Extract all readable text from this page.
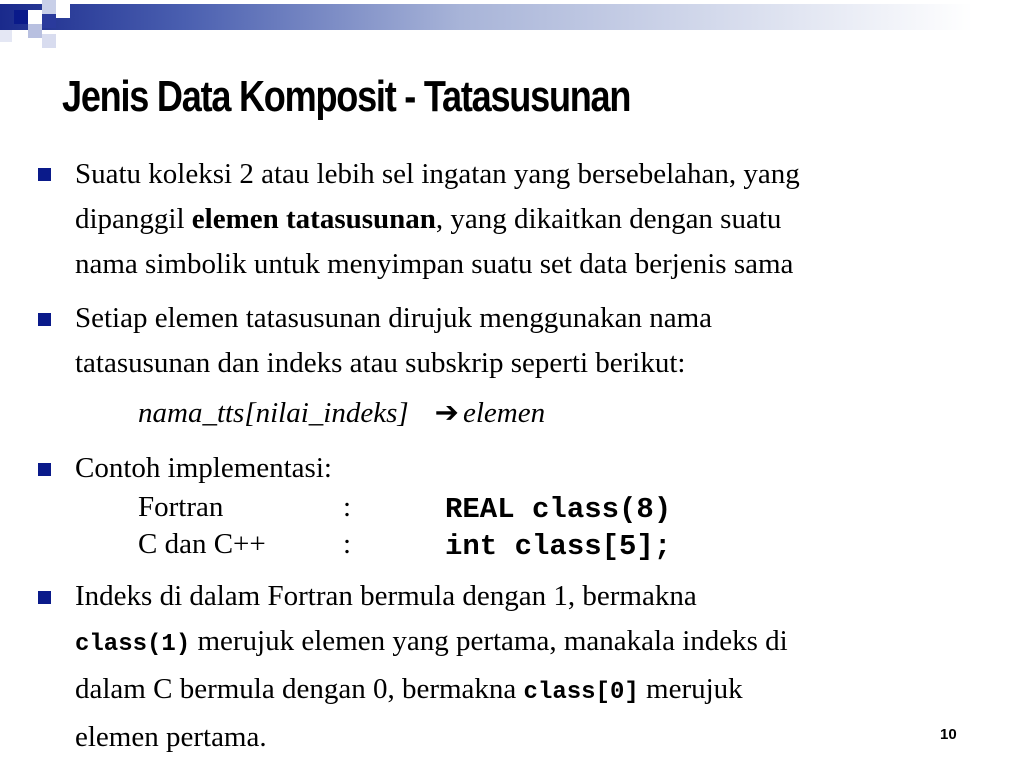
Jenis Data Komposit - Tatasusunan

Suatu koleksi 2 atau lebih sel ingatan yang bersebelahan, yang
dipanggil elemen tatasusunan, yang dikaitkan dengan suatu
nama simbolik untuk menyimpan suatu set data berjenis sama

Setiap elemen tatasusunan dirujuk menggunakan nama
tatasusunan dan indeks atau subskrip seperti berikut:

nama_tts[nilai_indeks] ➔ elemen

Contoh implementasi:

Fortran	:	REAL class(8)
C dan C++	:	int class[5];

Indeks di dalam Fortran bermula dengan 1, bermakna
class(1) merujuk elemen yang pertama, manakala indeks di
dalam C bermula dengan 0, bermakna class[0] merujuk
elemen pertama.	10
